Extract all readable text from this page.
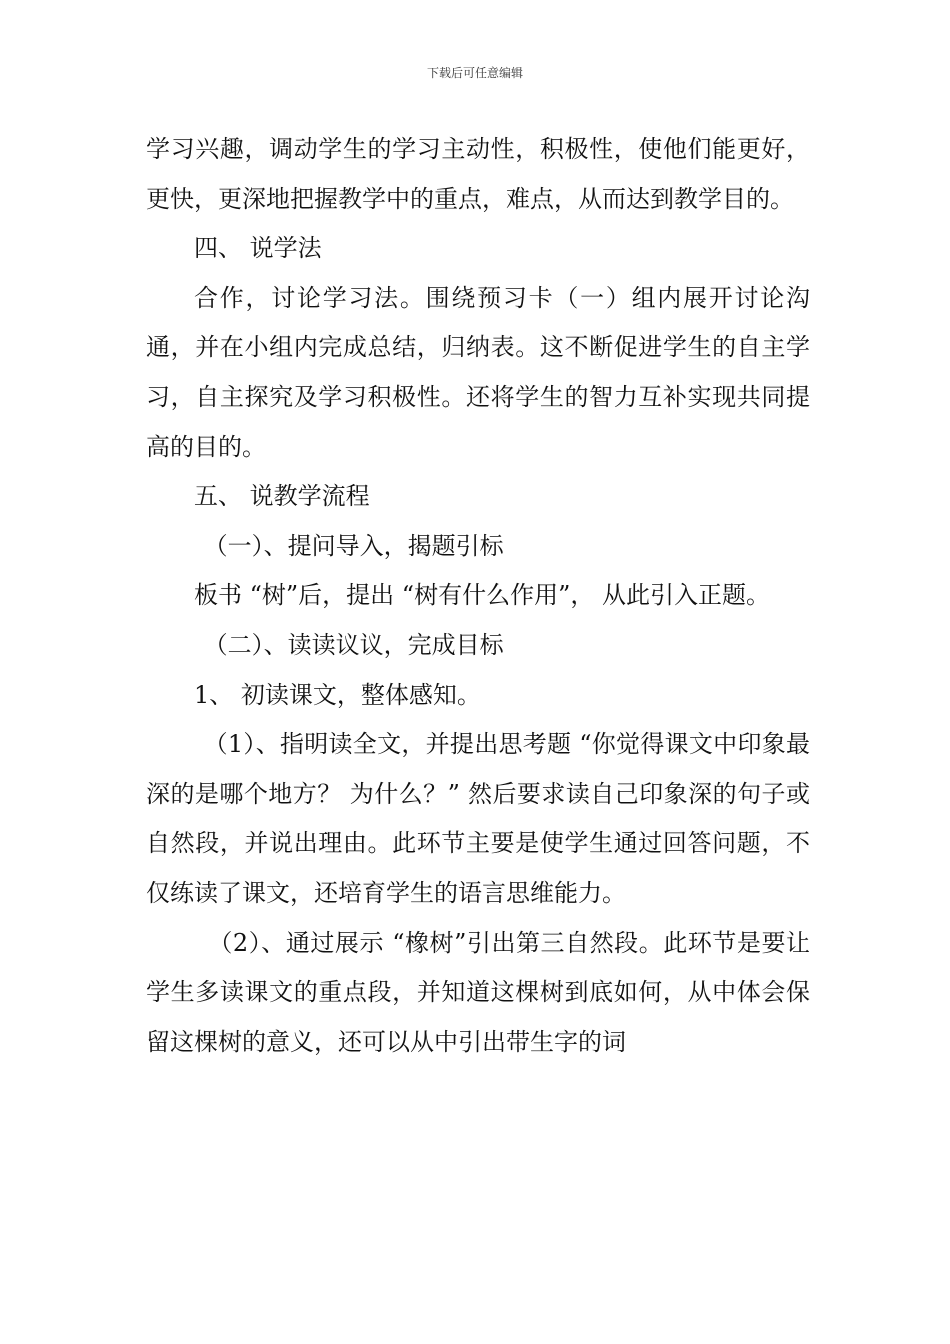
下载后可任意编辑

学习兴趣，调动学生的学习主动性，积极性，使他们能更好，更快，更深地把握教学中的重点，难点，从而达到教学目的。

四、 说学法

合作，讨论学习法。围绕预习卡（一）组内展开讨论沟通，并在小组内完成总结，归纳表。这不断促进学生的自主学习，自主探究及学习积极性。还将学生的智力互补实现共同提高的目的。

五、 说教学流程

（一）、提问导入，揭题引标

板书 “树”后，提出 “树有什么作用”， 从此引入正题。

（二）、读读议议，完成目标

1、 初读课文，整体感知。

（1）、指明读全文，并提出思考题 “你觉得课文中印象最深的是哪个地方？ 为什么？” 然后要求读自己印象深的句子或自然段，并说出理由。此环节主要是使学生通过回答问题，不仅练读了课文，还培育学生的语言思维能力。

（2）、通过展示 “橡树”引出第三自然段。此环节是要让学生多读课文的重点段，并知道这棵树到底如何，从中体会保留这棵树的意义，还可以从中引出带生字的词
